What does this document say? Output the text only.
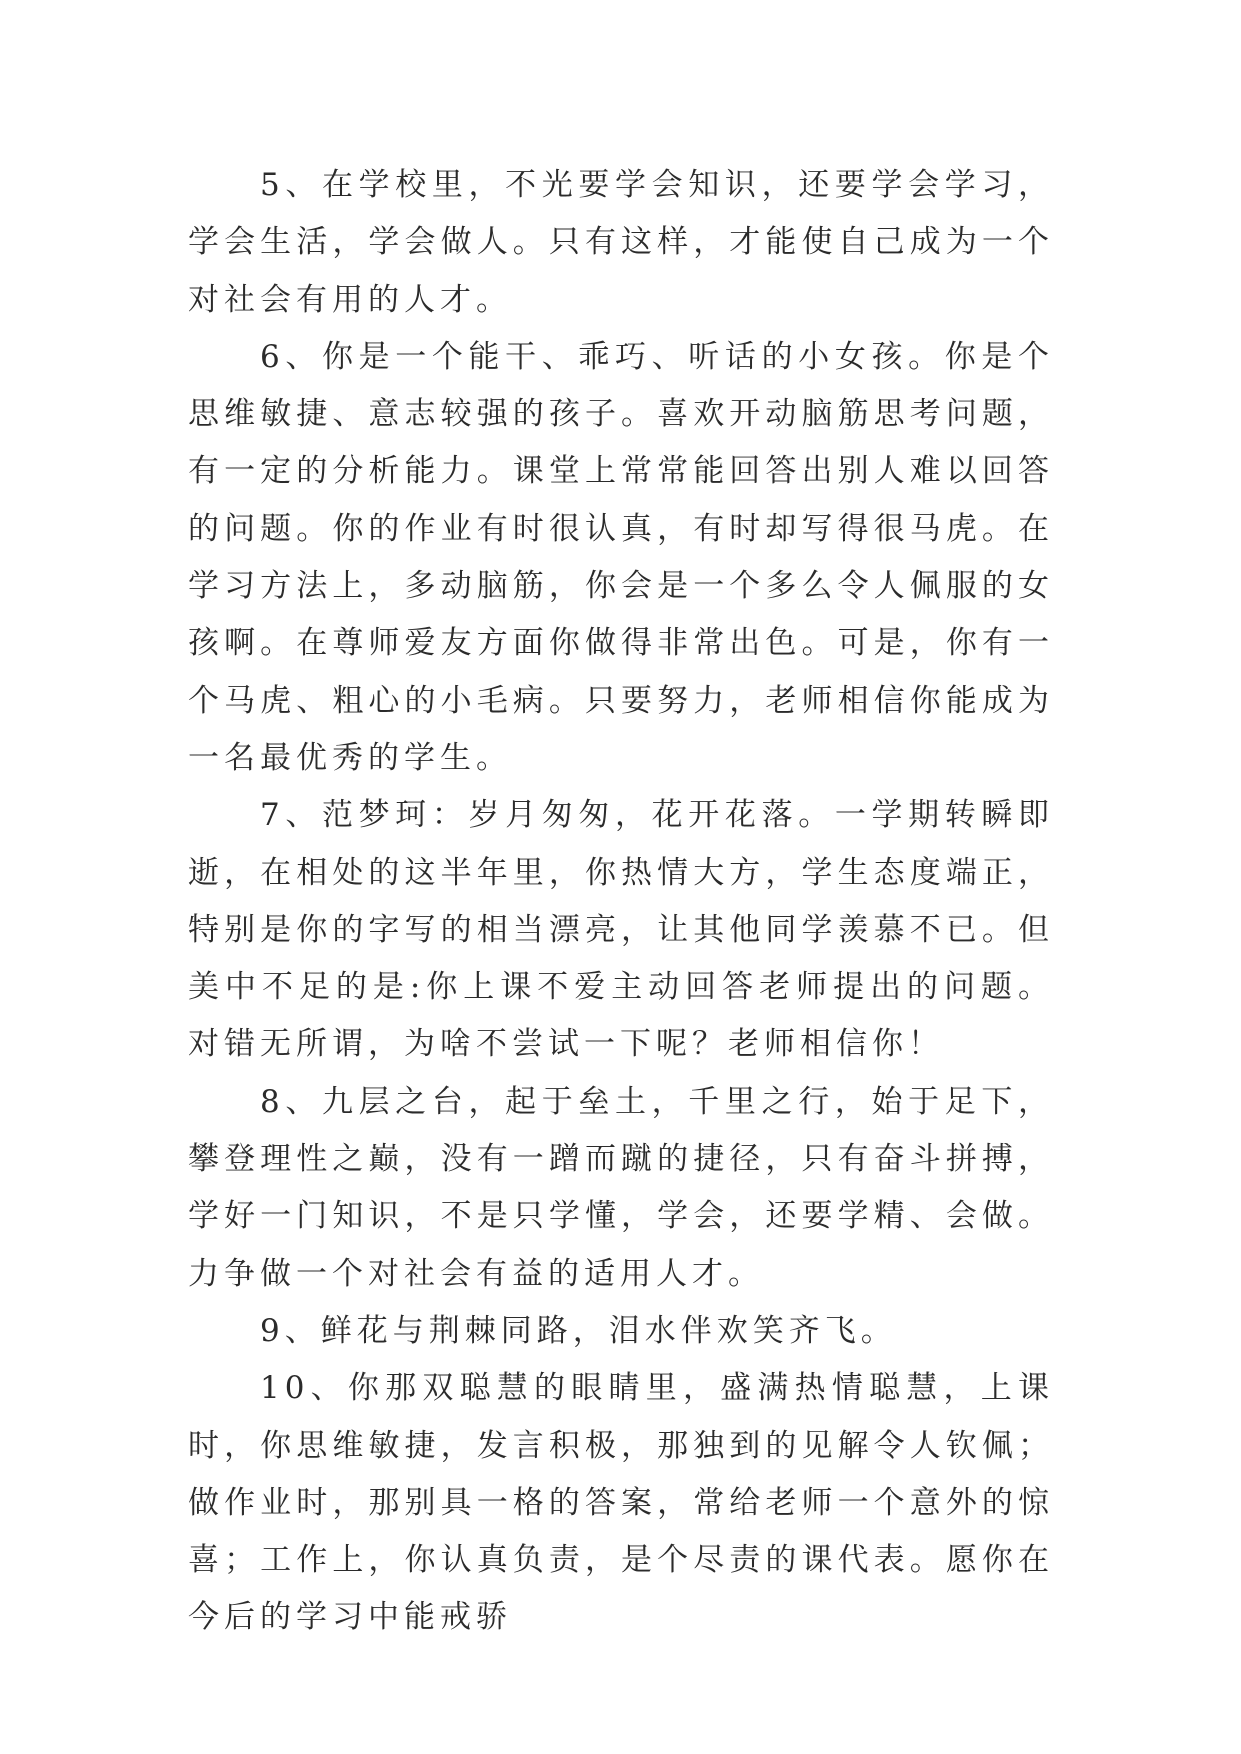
5、在学校里，不光要学会知识，还要学会学习，学会生活，学会做人。只有这样，才能使自己成为一个对社会有用的人才。

6、你是一个能干、乖巧、听话的小女孩。你是个思维敏捷、意志较强的孩子。喜欢开动脑筋思考问题，有一定的分析能力。课堂上常常能回答出别人难以回答的问题。你的作业有时很认真，有时却写得很马虎。在学习方法上，多动脑筋，你会是一个多么令人佩服的女孩啊。在尊师爱友方面你做得非常出色。可是，你有一个马虎、粗心的小毛病。只要努力，老师相信你能成为一名最优秀的学生。

7、范梦珂：岁月匆匆，花开花落。一学期转瞬即逝，在相处的这半年里，你热情大方，学生态度端正，特别是你的字写的相当漂亮，让其他同学羡慕不已。但美中不足的是:你上课不爱主动回答老师提出的问题。对错无所谓，为啥不尝试一下呢？老师相信你！

8、九层之台，起于垒土，千里之行，始于足下，攀登理性之巅，没有一蹭而蹴的捷径，只有奋斗拼搏，学好一门知识，不是只学懂，学会，还要学精、会做。力争做一个对社会有益的适用人才。

9、鲜花与荆棘同路，泪水伴欢笑齐飞。

10、你那双聪慧的眼睛里，盛满热情聪慧，上课时，你思维敏捷，发言积极，那独到的见解令人钦佩；做作业时，那别具一格的答案，常给老师一个意外的惊喜；工作上，你认真负责，是个尽责的课代表。愿你在今后的学习中能戒骄
